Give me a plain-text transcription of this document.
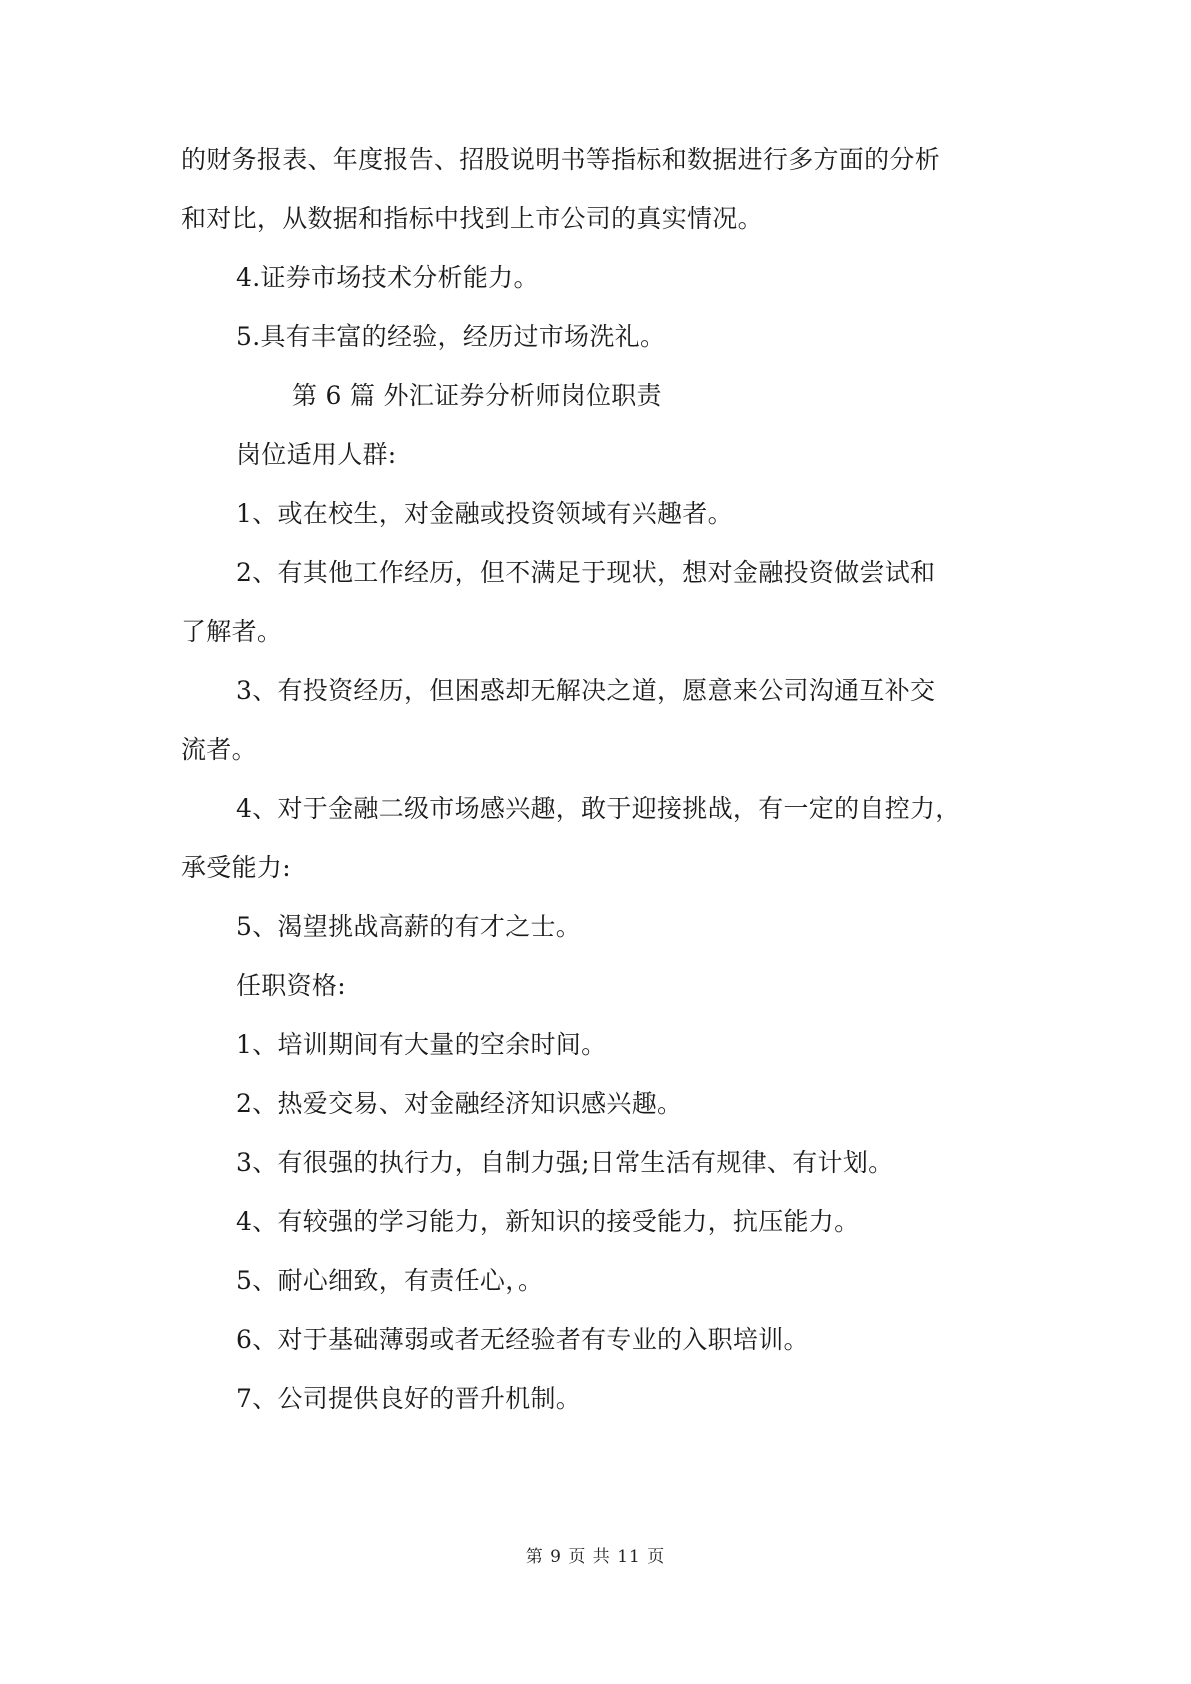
的财务报表、年度报告、招股说明书等指标和数据进行多方面的分析
和对比，从数据和指标中找到上市公司的真实情况。
4.证券市场技术分析能力。
5.具有丰富的经验，经历过市场洗礼。
第 6 篇 外汇证券分析师岗位职责
岗位适用人群:
1、或在校生，对金融或投资领域有兴趣者。
2、有其他工作经历，但不满足于现状，想对金融投资做尝试和
了解者。
3、有投资经历，但困惑却无解决之道，愿意来公司沟通互补交
流者。
4、对于金融二级市场感兴趣，敢于迎接挑战，有一定的自控力，
承受能力:
5、渴望挑战高薪的有才之士。
任职资格:
1、培训期间有大量的空余时间。
2、热爱交易、对金融经济知识感兴趣。
3、有很强的执行力，自制力强;日常生活有规律、有计划。
4、有较强的学习能力，新知识的接受能力，抗压能力。
5、耐心细致，有责任心，。
6、对于基础薄弱或者无经验者有专业的入职培训。
7、公司提供良好的晋升机制。
第 9 页 共 11 页
